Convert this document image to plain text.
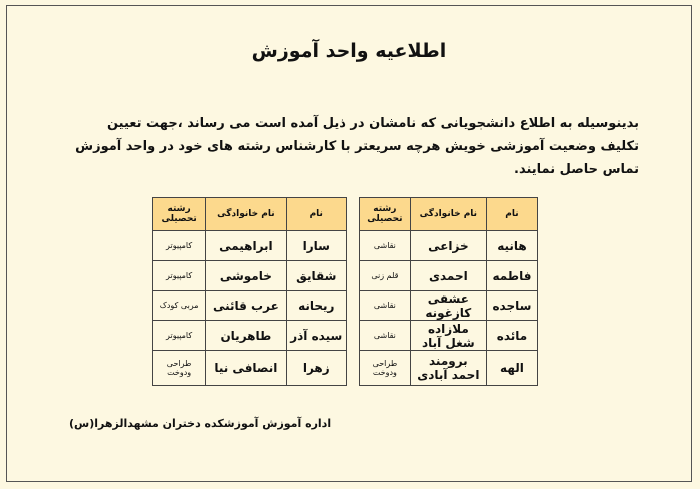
اطلاعیه واحد آموزش
بدینوسیله به اطلاع دانشجویانی که نامشان در ذیل آمده است می رساند ،جهت تعیین تکلیف وضعیت آموزشی خویش هرچه سریعتر با کارشناس رشته های خود در واحد آموزش تماس حاصل نمایند.
نام	نام خانوادگی	رشته تحصیلی
هانیه	خزاعی	نقاشی
فاطمه	احمدی	قلم زنی
ساجده	عشقی کازغونه	نقاشی
مائده	ملازاده شغل آباد	نقاشی
الهه	برومند احمد آبادی	طراحی ودوخت
نام	نام خانوادگی	رشته تحصیلی
سارا	ابراهیمی	کامپیوتر
شقایق	خاموشی	کامپیوتر
ریحانه	عرب قائنی	مربی کودک
سیده آذر	طاهریان	کامپیوتر
زهرا	انصافی نیا	طراحی ودوخت
اداره آموزش آموزشکده دختران مشهدالزهرا(س)
